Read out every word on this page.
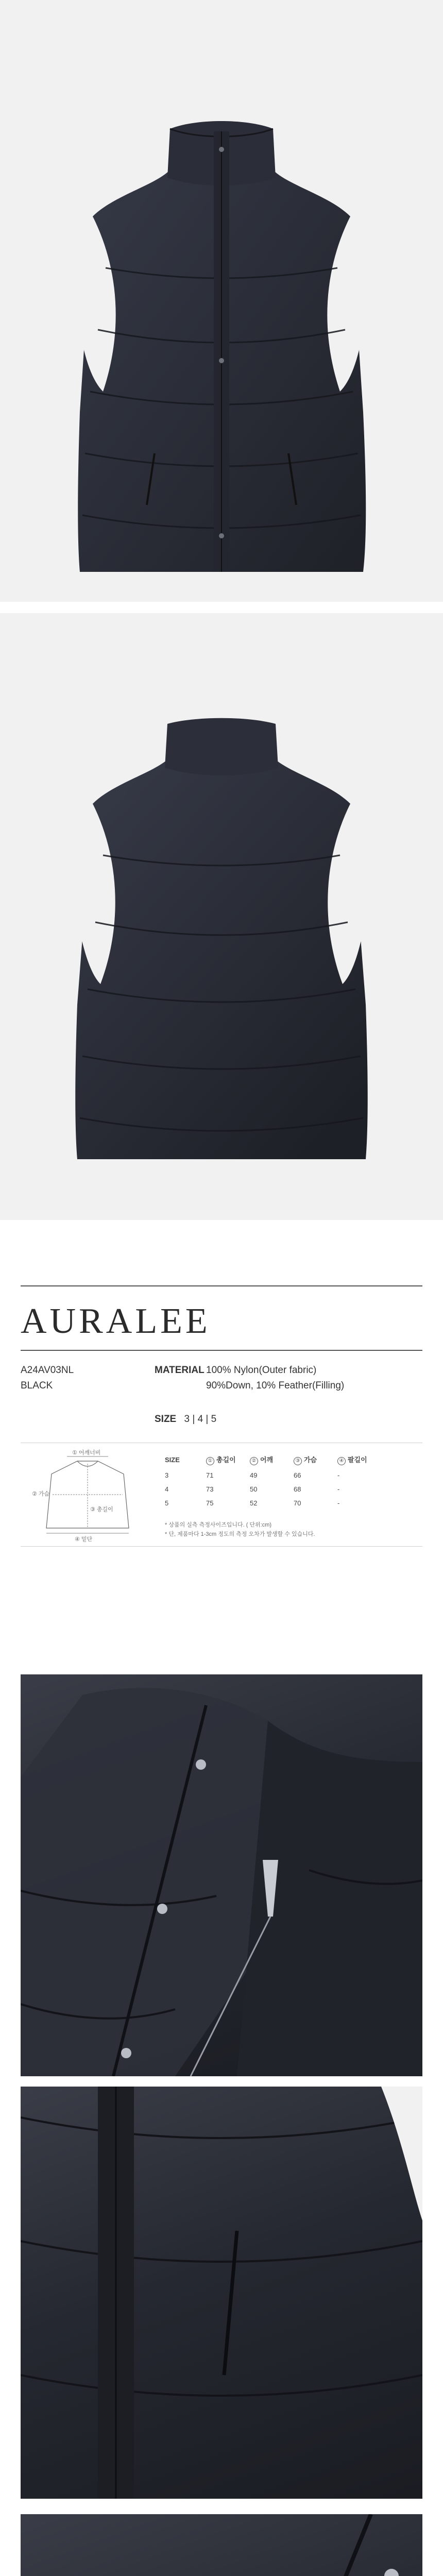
AURALEE
A24AV03NL
BLACK
MATERIAL 100% Nylon(Outer fabric)
90%Down, 10% Feather(Filling)
SIZE 3 | 4 | 5
① 어깨너비
② 가슴
③ 총길이
④ 밑단
SIZE	① 총길이	② 어깨	③ 가슴	④ 팔길이
3	71	49	66	-
4	73	50	68	-
5	75	52	70	-
* 상품의 실측 측정사이즈입니다. ( 단위:cm)
* 단, 제품마다 1-3cm 정도의 측정 오차가 발생할 수 있습니다.
